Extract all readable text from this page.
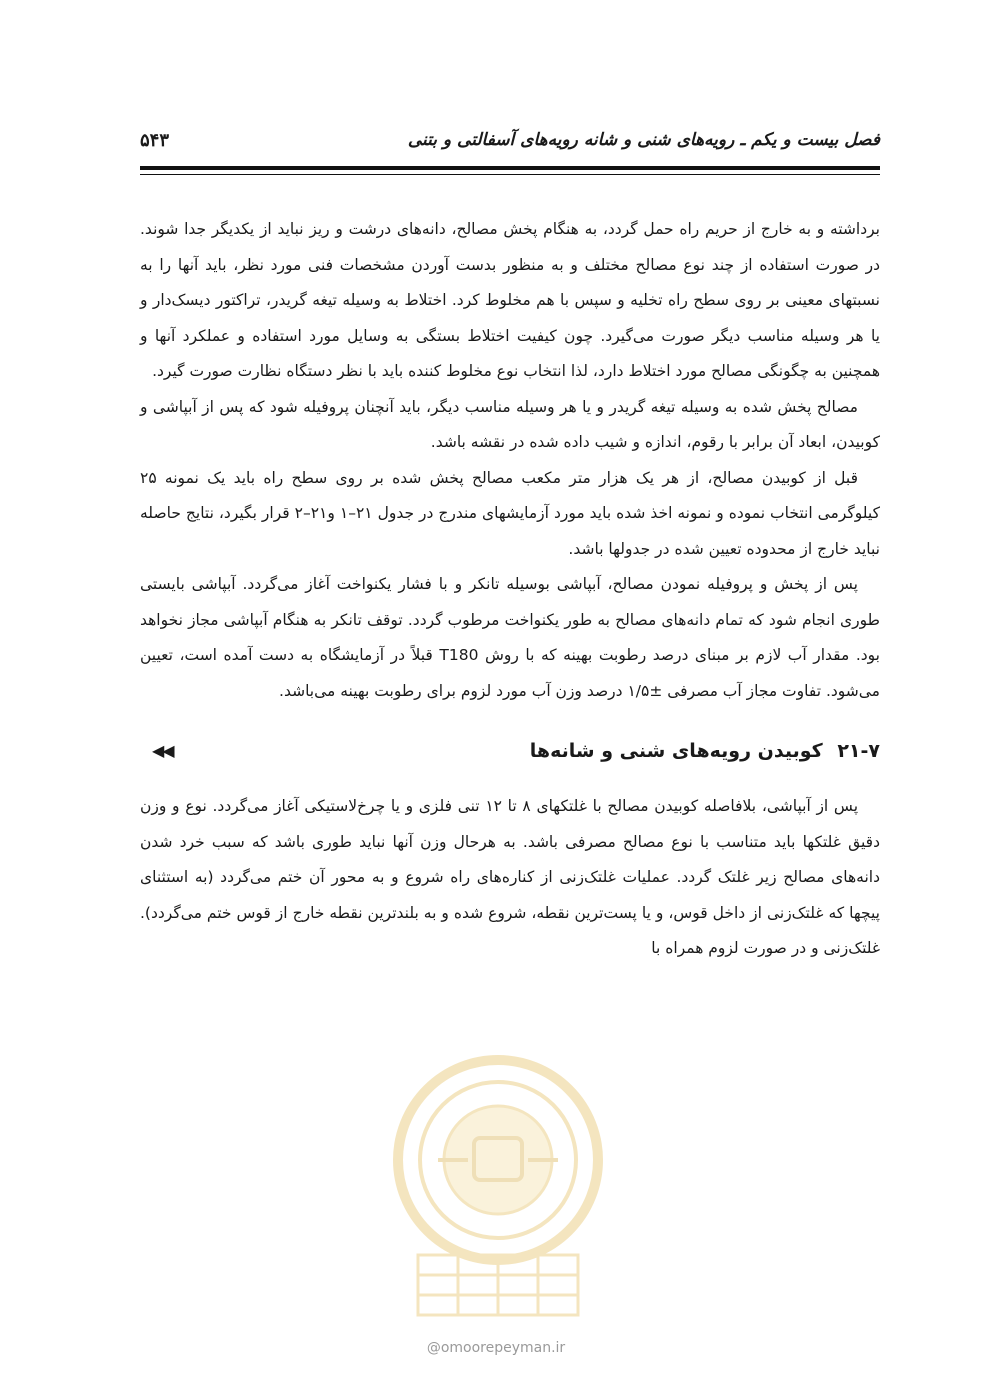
فصل بیست و یکم ـ رویه‌های شنی و شانه رویه‌های آسفالتی و بتنی
۵۴۳

برداشته و به خارج از حریم راه حمل گردد، به هنگام پخش مصالح، دانه‌های درشت و ریز نباید از یکدیگر جدا شوند. در صورت استفاده از چند نوع مصالح مختلف و به منظور بدست آوردن مشخصات فنی مورد نظر، باید آنها را به نسبتهای معینی بر روی سطح راه تخلیه و سپس با هم مخلوط کرد. اختلاط به وسیله تیغه گریدر، تراکتور دیسک‌دار و یا هر وسیله مناسب دیگر صورت می‌گیرد. چون کیفیت اختلاط بستگی به وسایل مورد استفاده و عملکرد آنها و همچنین به چگونگی مصالح مورد اختلاط دارد، لذا انتخاب نوع مخلوط کننده باید با نظر دستگاه نظارت صورت گیرد.

مصالح پخش شده به وسیله تیغه گریدر و یا هر وسیله مناسب دیگر، باید آنچنان پروفیله شود که پس از آبپاشی و کوبیدن، ابعاد آن برابر با رقوم، اندازه و شیب داده شده در نقشه باشد.

قبل از کوبیدن مصالح، از هر یک هزار متر مکعب مصالح پخش شده بر روی سطح راه باید یک نمونه ۲۵ کیلوگرمی انتخاب نموده و نمونه اخذ شده باید مورد آزمایشهای مندرج در جدول ۲۱–۱ و۲۱–۲ قرار بگیرد، نتایج حاصله نباید خارج از محدوده تعیین شده در جدولها باشد.

پس از پخش و پروفیله نمودن مصالح، آبپاشی بوسیله تانکر و با فشار یکنواخت آغاز می‌گردد. آبپاشی بایستی طوری انجام شود که تمام دانه‌های مصالح به طور یکنواخت مرطوب گردد. توقف تانکر به هنگام آبپاشی مجاز نخواهد بود. مقدار آب لازم بر مبنای درصد رطوبت بهینه که با روش T180 قبلاً در آزمایشگاه به دست آمده است، تعیین می‌شود. تفاوت مجاز آب مصرفی ±۱/۵ درصد وزن آب مورد لزوم برای رطوبت بهینه می‌باشد.

◀◀	۲۱-۷ کوبیدن رویه‌های شنی و شانه‌ها

پس از آبپاشی، بلافاصله کوبیدن مصالح با غلتکهای ۸ تا ۱۲ تنی فلزی و یا چرخ‌لاستیکی آغاز می‌گردد. نوع و وزن دقیق غلتکها باید متناسب با نوع مصالح مصرفی باشد. به هرحال وزن آنها نباید طوری باشد که سبب خرد شدن دانه‌های مصالح زیر غلتک گردد. عملیات غلتک‌زنی از کناره‌های راه شروع و به محور آن ختم می‌گردد (به استثنای پیچها که غلتک‌زنی از داخل قوس، و یا پست‌ترین نقطه، شروع شده و به بلندترین نقطه خارج از قوس ختم می‌گردد). غلتک‌زنی و در صورت لزوم همراه با

@omoorepeyman.ir
